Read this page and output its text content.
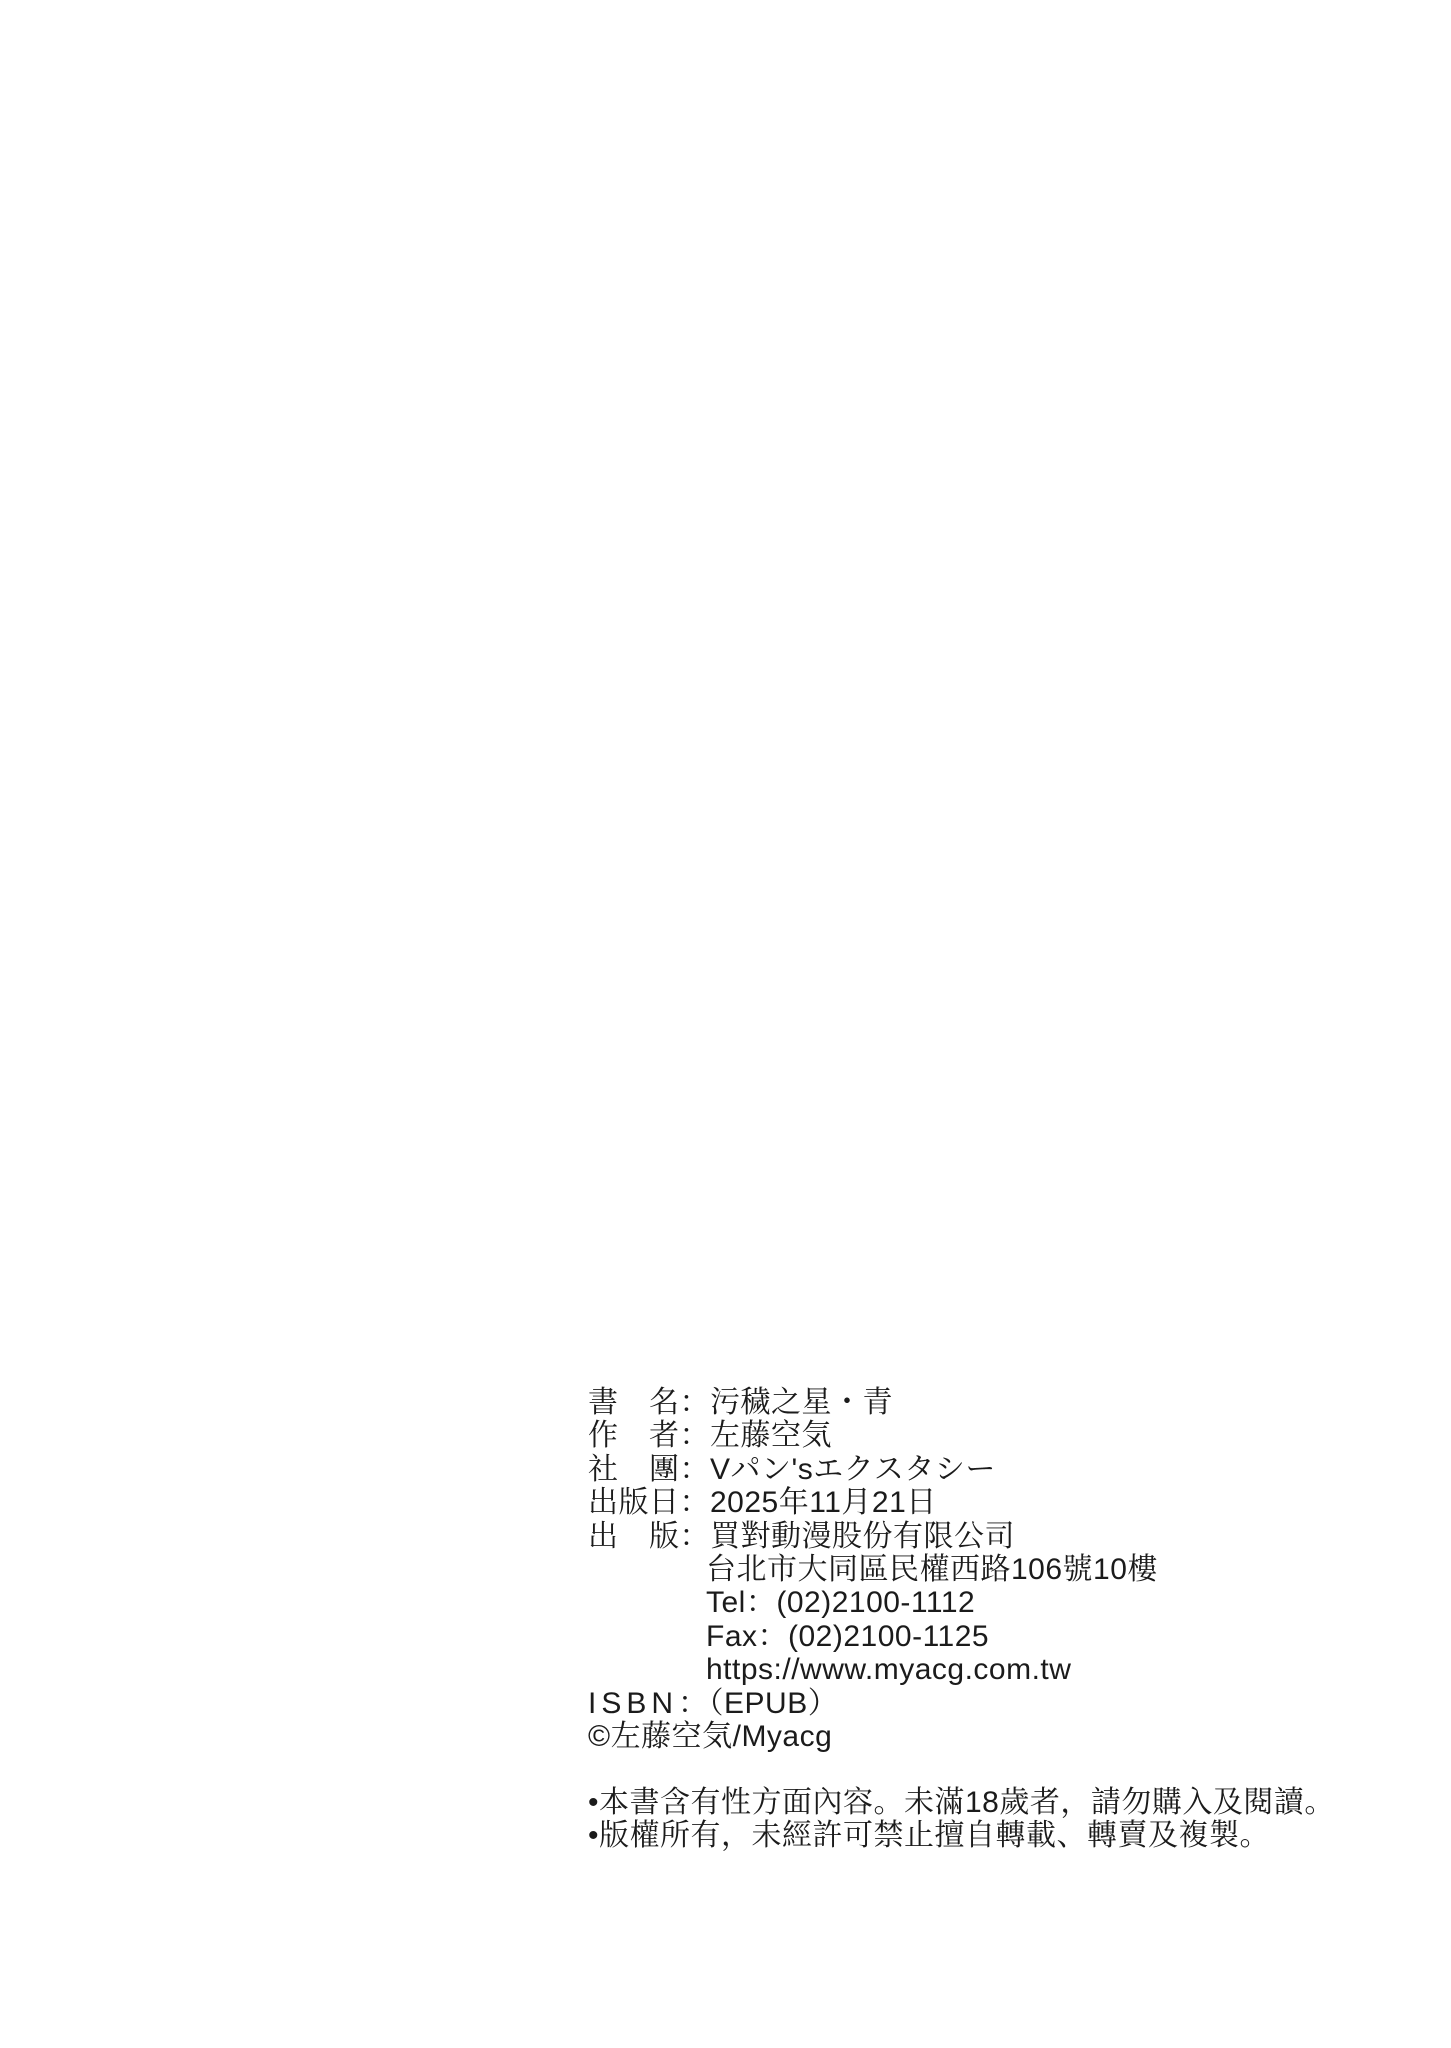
書　名：污穢之星・青
作　者：左藤空気
社　團：Vパン'sエクスタシー
出版日：2025年11月21日
出　版：買對動漫股份有限公司
台北市大同區民權西路106號10樓
Tel：(02)2100-1112
Fax：(02)2100-1125
https://www.myacg.com.tw
ISBN：（EPUB）
©左藤空気/Myacg
•本書含有性方面內容。未滿18歲者，請勿購入及閱讀。
•版權所有，未經許可禁止擅自轉載、轉賣及複製。
